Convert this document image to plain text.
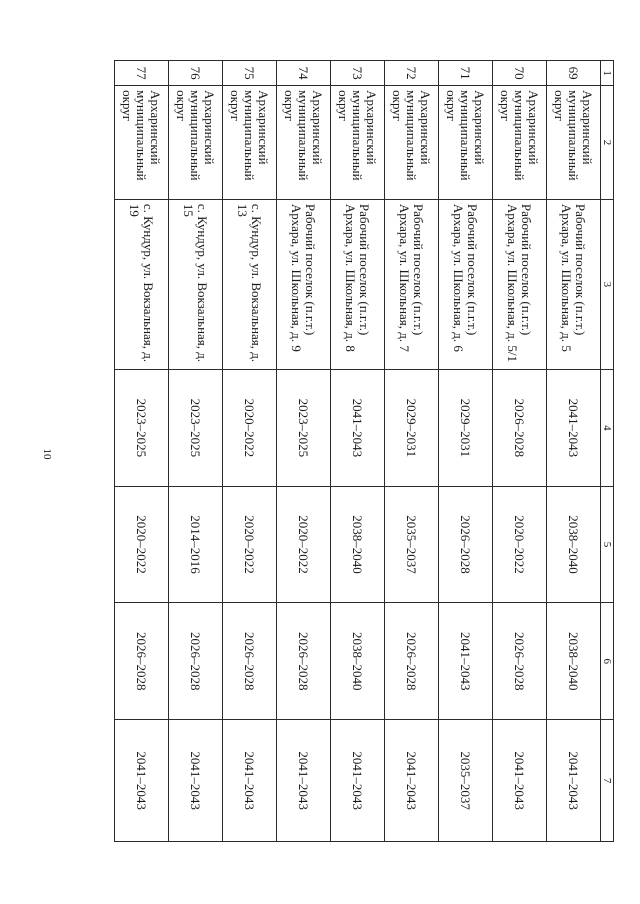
10
1	2	3	4	5	6	7
69	Архаринский муниципальный округ	Рабочий поселок (п.г.т.) Архара, ул. Школьная, д. 5	2041–2043	2038–2040	2038–2040	2041–2043
70	Архаринский муниципальный округ	Рабочий поселок (п.г.т.) Архара, ул. Школьная, д. 5/1	2026–2028	2020–2022	2026–2028	2041–2043
71	Архаринский муниципальный округ	Рабочий поселок (п.г.т.) Архара, ул. Школьная, д. 6	2029–2031	2026–2028	2041–2043	2035–2037
72	Архаринский муниципальный округ	Рабочий поселок (п.г.т.) Архара, ул. Школьная, д. 7	2029–2031	2035–2037	2026–2028	2041–2043
73	Архаринский муниципальный округ	Рабочий поселок (п.г.т.) Архара, ул. Школьная, д. 8	2041–2043	2038–2040	2038–2040	2041–2043
74	Архаринский муниципальный округ	Рабочий поселок (п.г.т.) Архара, ул. Школьная, д. 9	2023–2025	2020–2022	2026–2028	2041–2043
75	Архаринский муниципальный округ	с. Кундур, ул. Вокзальная, д. 13	2020–2022	2020–2022	2026–2028	2041–2043
76	Архаринский муниципальный округ	с. Кундур, ул. Вокзальная, д. 15	2023–2025	2014–2016	2026–2028	2041–2043
77	Архаринский муниципальный округ	с. Кундур, ул. Вокзальная, д. 19	2023–2025	2020–2022	2026–2028	2041–2043
